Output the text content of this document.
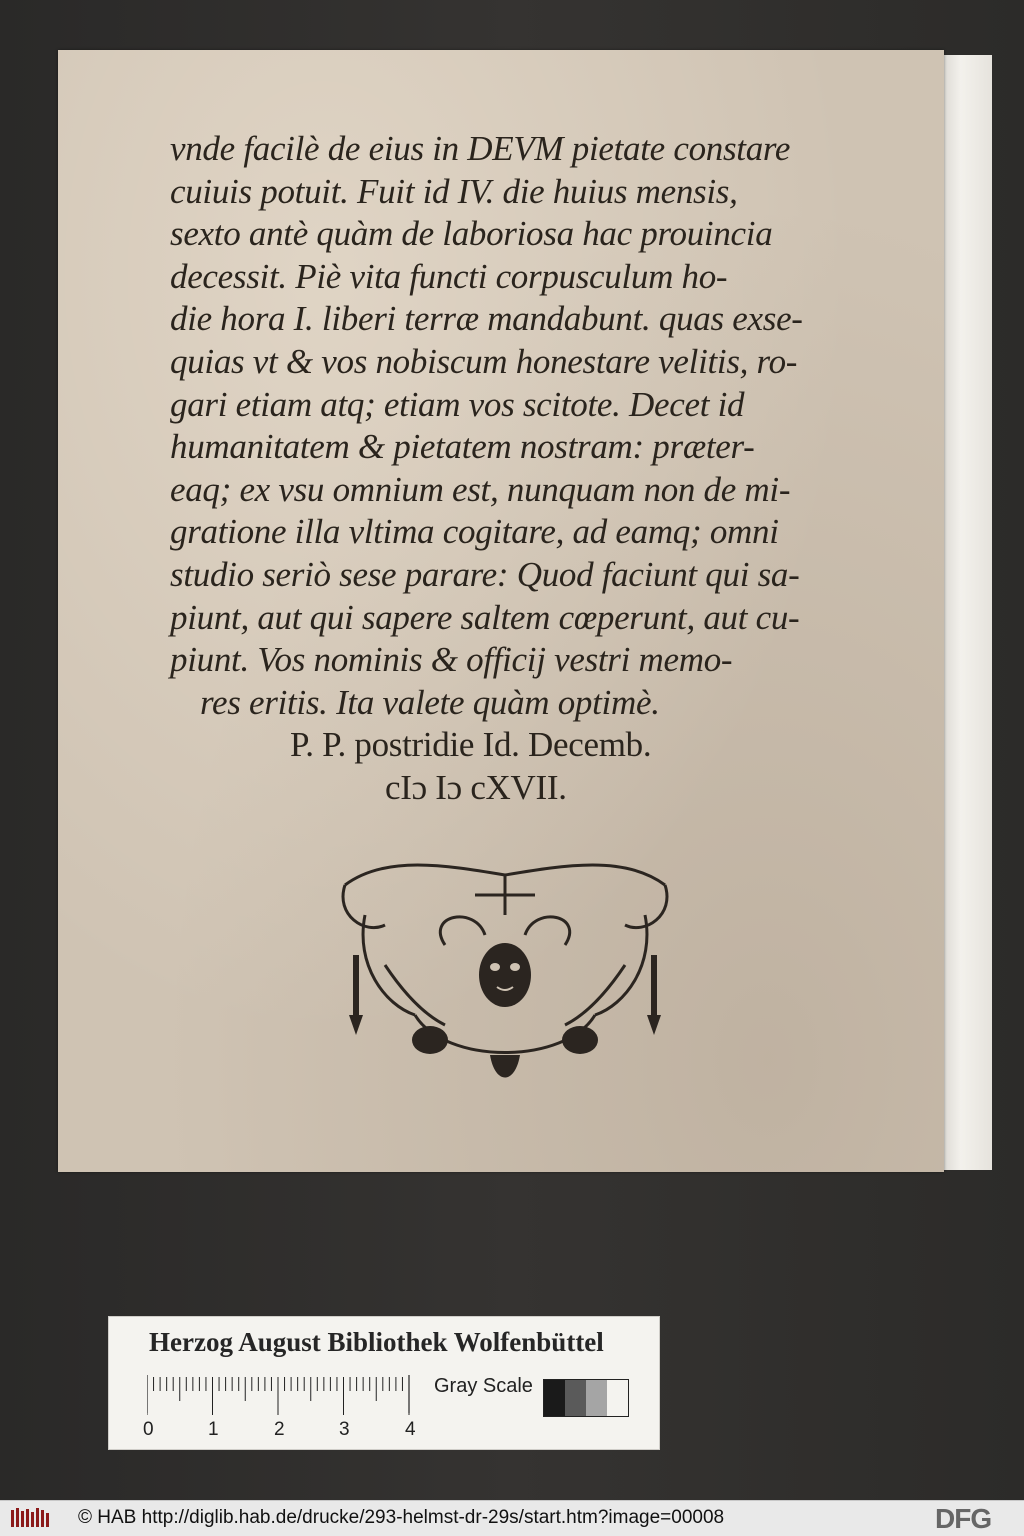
vnde facilè de eius in DEVM pietate constare
cuiuis potuit. Fuit id IV. die huius mensis,
sexto antè quàm de laboriosa hac prouincia
decessit. Piè vita functi corpusculum ho-
die hora I. liberi terræ mandabunt. quas exse-
quias vt & vos nobiscum honestare velitis, ro-
gari etiam atq; etiam vos scitote. Decet id
humanitatem & pietatem nostram: præter-
eaq; ex vsu omnium est, nunquam non de mi-
gratione illa vltima cogitare, ad eamq; omni
studio seriò sese parare: Quod faciunt qui sa-
piunt, aut qui sapere saltem cœperunt, aut cu-
piunt. Vos nominis & officij vestri memo-
res eritis. Ita valete quàm optimè.
P. P. postridie Id. Decemb.
cIɔ Iɔ cXVII.
Herzog August Bibliothek Wolfenbüttel
Gray Scale
0	1	2	3	4
© HAB http://diglib.hab.de/drucke/293-helmst-dr-29s/start.htm?image=00008	DFG
